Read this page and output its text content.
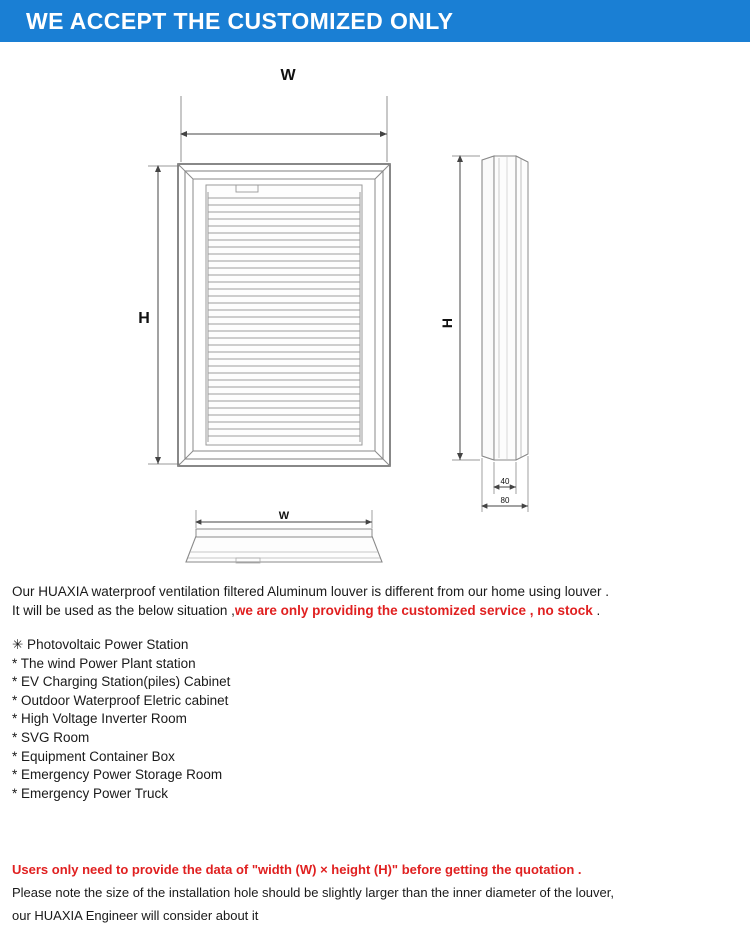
WE ACCEPT THE CUSTOMIZED ONLY
W
H	H
40
80
W
Our HUAXIA waterproof ventilation filtered Aluminum louver is different from our home using louver .
It will be used as the below situation ,we are only providing the customized service , no stock .
✳ Photovoltaic Power Station
* The wind Power Plant station
* EV Charging Station(piles) Cabinet
* Outdoor Waterproof Eletric cabinet
* High Voltage Inverter Room
* SVG Room
* Equipment Container Box
* Emergency Power Storage Room
* Emergency Power Truck
Users only need to provide the data of "width (W) × height (H)" before getting the quotation .
Please note the size of the installation hole should be slightly larger than the inner diameter of the louver,
our HUAXIA Engineer will consider about it
